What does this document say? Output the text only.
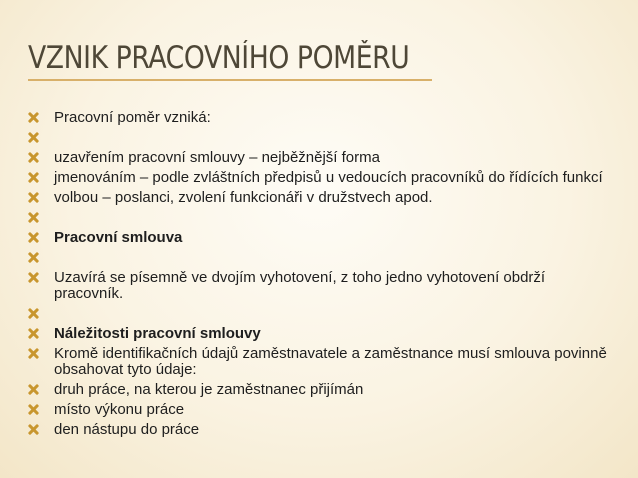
VZNIK PRACOVNÍHO POMĚRU
Pracovní poměr vzniká:
uzavřením pracovní smlouvy – nejběžnější forma
jmenováním – podle zvláštních předpisů u vedoucích pracovníků do řídících funkcí
volbou – poslanci, zvolení funkcionáři v družstvech apod.
Pracovní smlouva
Uzavírá se písemně ve dvojím vyhotovení, z toho jedno vyhotovení obdrží pracovník.
Náležitosti pracovní smlouvy
Kromě identifikačních údajů zaměstnavatele a zaměstnance musí smlouva povinně obsahovat tyto údaje:
druh práce, na kterou je zaměstnanec přijímán
místo výkonu práce
den nástupu do práce
